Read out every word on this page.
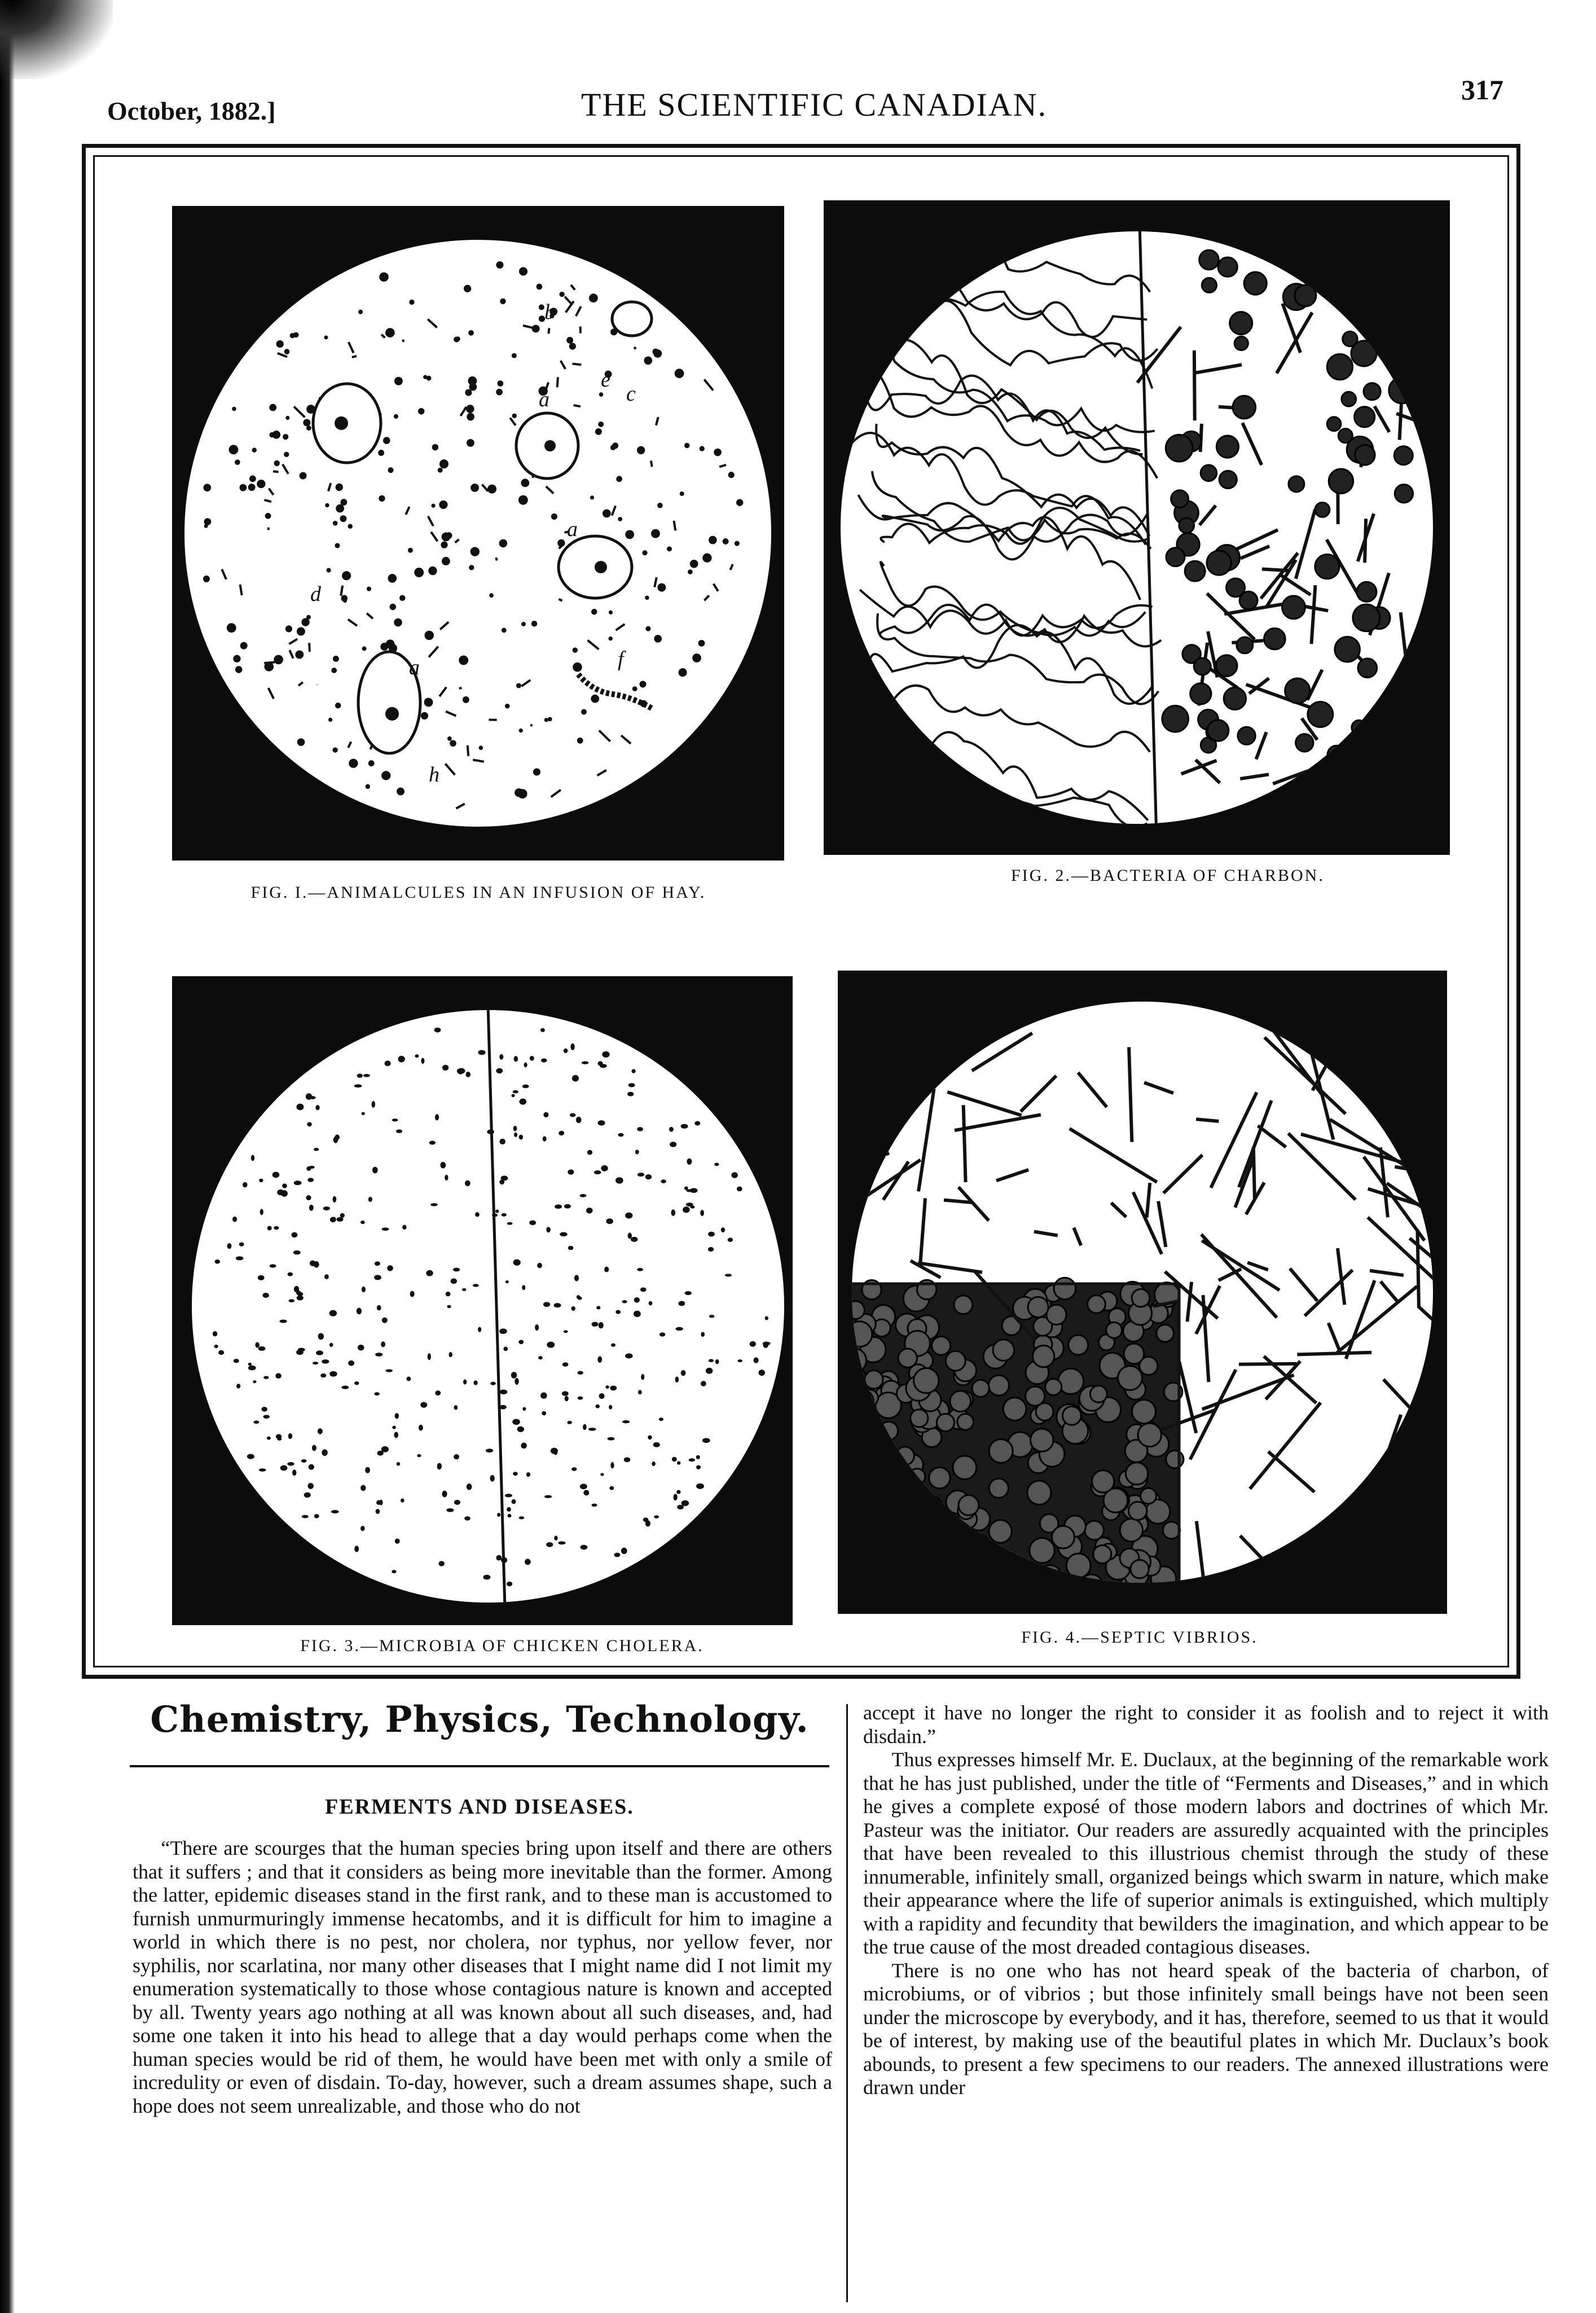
October, 1882.]	THE SCIENTIFIC CANADIAN.	317
a
b
c
d
e
f
h
a
a
FIG. I.—ANIMALCULES IN AN INFUSION OF HAY.
FIG. 2.—BACTERIA OF CHARBON.
FIG. 3.—MICROBIA OF CHICKEN CHOLERA.	FIG. 4.—SEPTIC VIBRIOS.
Chemistry, Physics, Technology.
FERMENTS AND DISEASES.

“There are scourges that the human species bring upon itself and there are others that it suffers ; and that it considers as being more inevitable than the former. Among the latter, epidemic diseases stand in the first rank, and to these man is accustomed to furnish unmurmuringly immense hecatombs, and it is difficult for him to imagine a world in which there is no pest, nor cholera, nor typhus, nor yellow fever, nor syphilis, nor scarlatina, nor many other diseases that I might name did I not limit my enumeration systematically to those whose contagious nature is known and accepted by all. Twenty years ago nothing at all was known about all such diseases, and, had some one taken it into his head to allege that a day would perhaps come when the human species would be rid of them, he would have been met with only a smile of incredulity or even of disdain. To-day, however, such a dream assumes shape, such a hope does not seem unrealizable, and those who do not

accept it have no longer the right to consider it as foolish and to reject it with disdain.”

Thus expresses himself Mr. E. Duclaux, at the beginning of the remarkable work that he has just published, under the title of “Ferments and Diseases,” and in which he gives a complete exposé of those modern labors and doctrines of which Mr. Pasteur was the initiator. Our readers are assuredly acquainted with the principles that have been revealed to this illustrious chemist through the study of these innumerable, infinitely small, organized beings which swarm in nature, which make their appearance where the life of superior animals is extinguished, which multiply with a rapidity and fecundity that bewilders the imagination, and which appear to be the true cause of the most dreaded contagious diseases.

There is no one who has not heard speak of the bacteria of charbon, of microbiums, or of vibrios ; but those infinitely small beings have not been seen under the microscope by everybody, and it has, therefore, seemed to us that it would be of interest, by making use of the beautiful plates in which Mr. Duclaux’s book abounds, to present a few specimens to our readers. The annexed illustrations were drawn under
